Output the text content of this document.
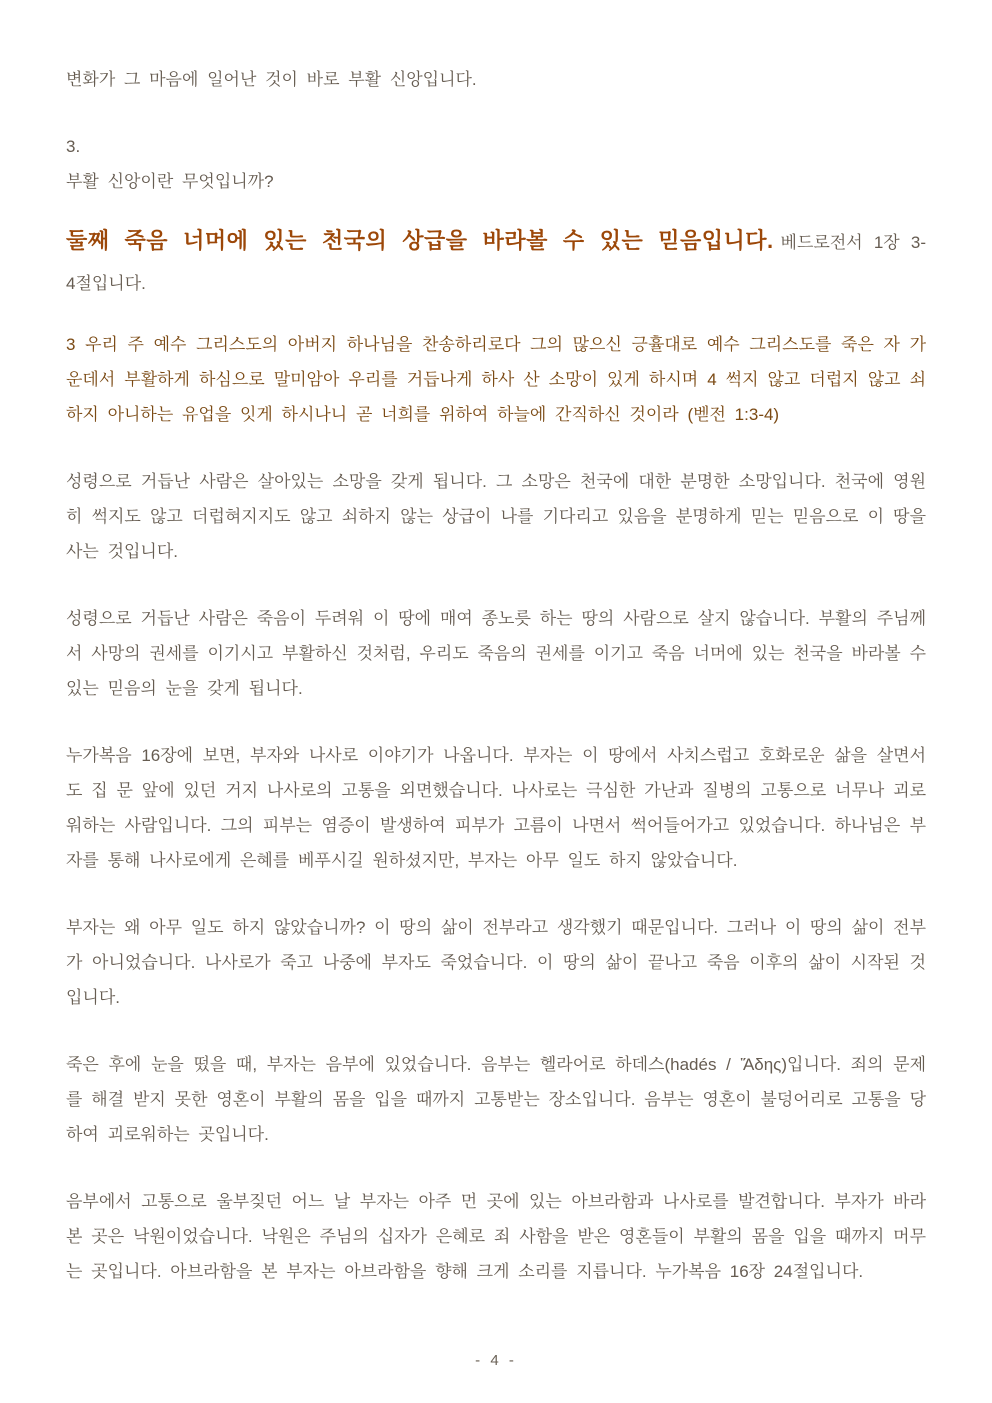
변화가 그 마음에 일어난 것이 바로 부활 신앙입니다.

3.
부활 신앙이란 무엇입니까?

둘째 죽음 너머에 있는 천국의 상급을 바라볼 수 있는 믿음입니다. 베드로전서 1장 3-4절입니다.

3 우리 주 예수 그리스도의 아버지 하나님을 찬송하리로다 그의 많으신 긍휼대로 예수 그리스도를 죽은 자 가운데서 부활하게 하심으로 말미암아 우리를 거듭나게 하사 산 소망이 있게 하시며 4 썩지 않고 더럽지 않고 쇠하지 아니하는 유업을 잇게 하시나니 곧 너희를 위하여 하늘에 간직하신 것이라 (벧전 1:3-4)

성령으로 거듭난 사람은 살아있는 소망을 갖게 됩니다. 그 소망은 천국에 대한 분명한 소망입니다. 천국에 영원히 썩지도 않고 더럽혀지지도 않고 쇠하지 않는 상급이 나를 기다리고 있음을 분명하게 믿는 믿음으로 이 땅을 사는 것입니다.

성령으로 거듭난 사람은 죽음이 두려워 이 땅에 매여 종노릇 하는 땅의 사람으로 살지 않습니다. 부활의 주님께서 사망의 권세를 이기시고 부활하신 것처럼, 우리도 죽음의 권세를 이기고 죽음 너머에 있는 천국을 바라볼 수 있는 믿음의 눈을 갖게 됩니다.

누가복음 16장에 보면, 부자와 나사로 이야기가 나옵니다. 부자는 이 땅에서 사치스럽고 호화로운 삶을 살면서도 집 문 앞에 있던 거지 나사로의 고통을 외면했습니다. 나사로는 극심한 가난과 질병의 고통으로 너무나 괴로워하는 사람입니다. 그의 피부는 염증이 발생하여 피부가 고름이 나면서 썩어들어가고 있었습니다. 하나님은 부자를 통해 나사로에게 은혜를 베푸시길 원하셨지만, 부자는 아무 일도 하지 않았습니다.

부자는 왜 아무 일도 하지 않았습니까? 이 땅의 삶이 전부라고 생각했기 때문입니다. 그러나 이 땅의 삶이 전부가 아니었습니다. 나사로가 죽고 나중에 부자도 죽었습니다. 이 땅의 삶이 끝나고 죽음 이후의 삶이 시작된 것입니다.

죽은 후에 눈을 떴을 때, 부자는 음부에 있었습니다. 음부는 헬라어로 하데스(hadés / Ἅδης)입니다. 죄의 문제를 해결 받지 못한 영혼이 부활의 몸을 입을 때까지 고통받는 장소입니다. 음부는 영혼이 불덩어리로 고통을 당하여 괴로워하는 곳입니다.

음부에서 고통으로 울부짖던 어느 날 부자는 아주 먼 곳에 있는 아브라함과 나사로를 발견합니다. 부자가 바라본 곳은 낙원이었습니다. 낙원은 주님의 십자가 은혜로 죄 사함을 받은 영혼들이 부활의 몸을 입을 때까지 머무는 곳입니다. 아브라함을 본 부자는 아브라함을 향해 크게 소리를 지릅니다. 누가복음 16장 24절입니다.

- 4 -
